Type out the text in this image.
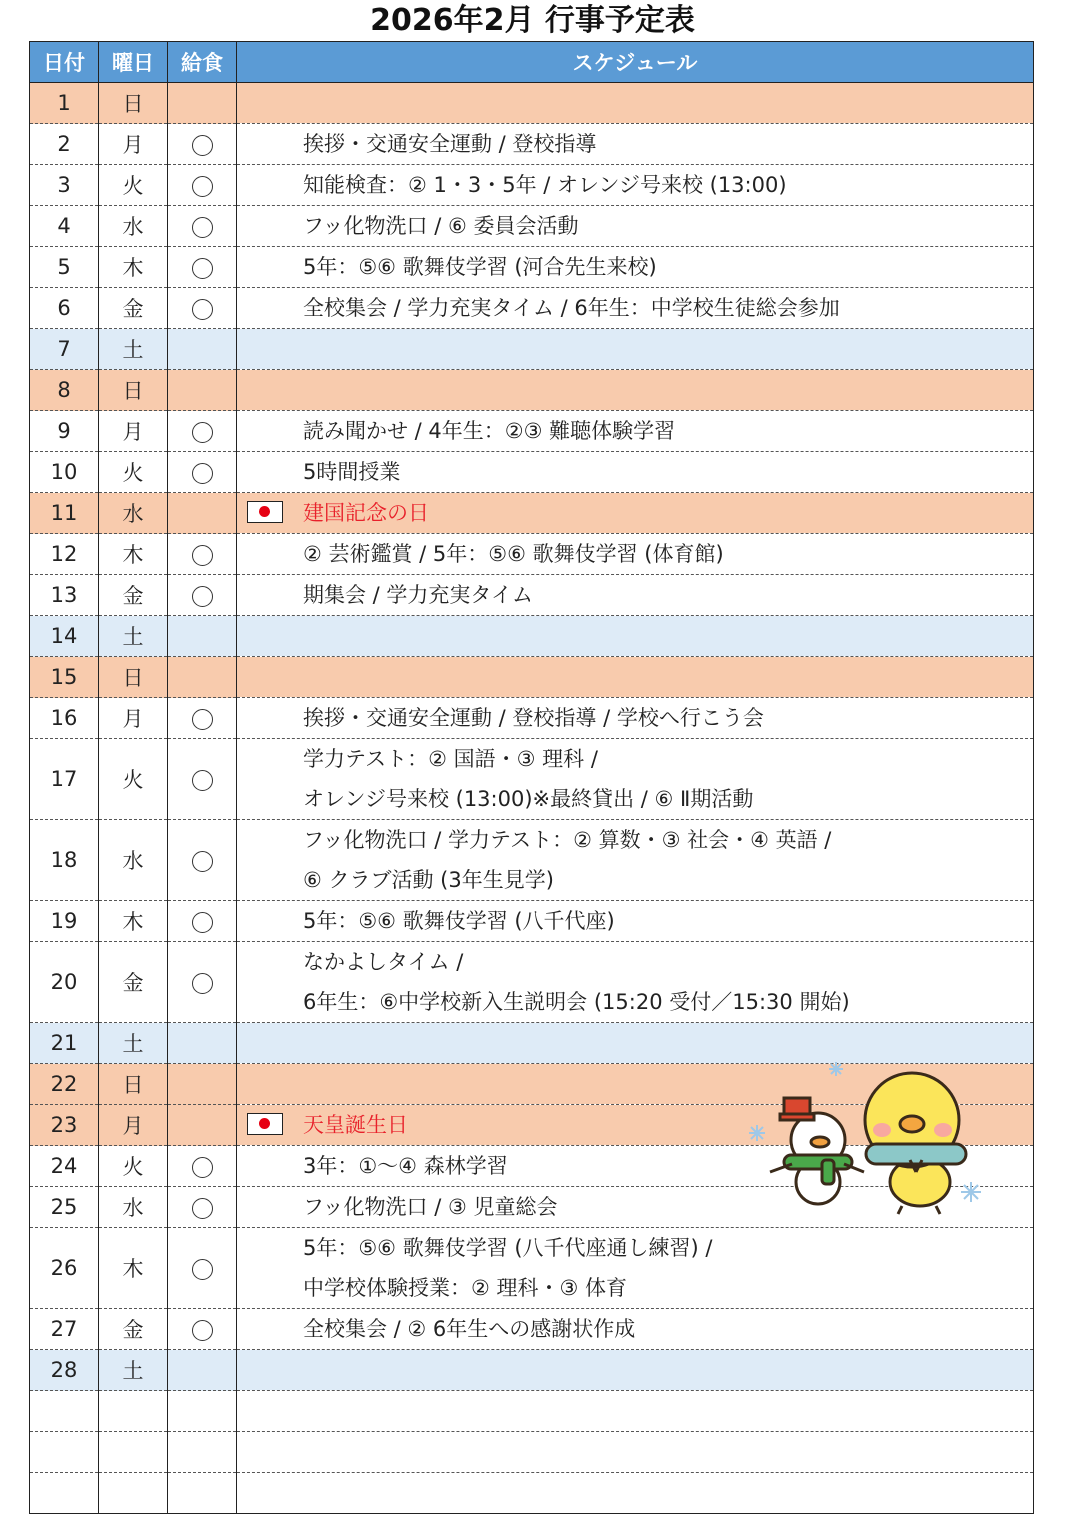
2026年2月 行事予定表
日付	曜日	給食	スケジュール
1	日		
2	月		挨拶・交通安全運動 / 登校指導

3	火		知能検査：② 1・3・5年 / オレンジ号来校 (13:00)

4	水		フッ化物洗口 / ⑥ 委員会活動

5	木		5年：⑤⑥ 歌舞伎学習 (河合先生来校)

6	金		全校集会 / 学力充実タイム / 6年生：中学校生徒総会参加

7	土		
8	日		
9	月		読み聞かせ / 4年生：②③ 難聴体験学習

10	火		5時間授業

11	水		建国記念の日

12	木		② 芸術鑑賞 / 5年：⑤⑥ 歌舞伎学習 (体育館)

13	金		期集会 / 学力充実タイム

14	土		
15	日		
16	月		挨拶・交通安全運動 / 登校指導 / 学校へ行こう会

17	火		学力テスト：② 国語・③ 理科 /
オレンジ号来校 (13:00)※最終貸出 / ⑥ Ⅱ期活動

18	水		フッ化物洗口 / 学力テスト：② 算数・③ 社会・④ 英語 /
⑥ クラブ活動 (3年生見学)

19	木		5年：⑤⑥ 歌舞伎学習 (八千代座)

20	金		なかよしタイム /
6年生：⑥中学校新入生説明会 (15:20 受付／15:30 開始)

21	土		
22	日		
23	月		天皇誕生日

24	火		3年：①～④ 森林学習

25	水		フッ化物洗口 / ③ 児童総会

26	木		5年：⑤⑥ 歌舞伎学習 (八千代座通し練習) /
中学校体験授業：② 理科・③ 体育

27	金		全校集会 / ② 6年生への感謝状作成

28	土		
